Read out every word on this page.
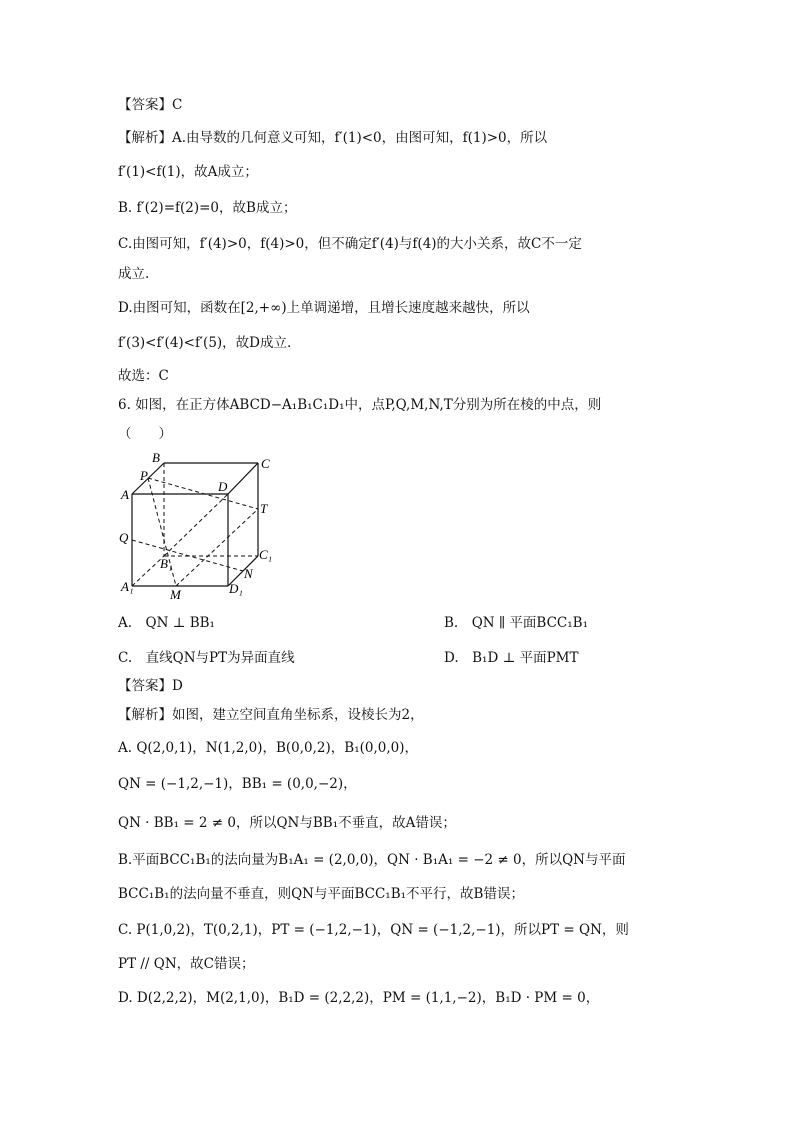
【答案】C
【解析】A.由导数的几何意义可知，f′(1)<0，由图可知，f(1)>0，所以
f′(1)<f(1)，故A成立；
B. f′(2)=f(2)=0，故B成立；
C.由图可知，f′(4)>0，f(4)>0，但不确定f′(4)与f(4)的大小关系，故C不一定
成立.
D.由图可知，函数在[2,+∞)上单调递增，且增长速度越来越快，所以
f′(3)<f′(4)<f′(5)，故D成立.
故选：C
6. 如图，在正方体ABCD−A₁B₁C₁D₁中，点P,Q,M,N,T分别为所在棱的中点，则
（　　）
B	C
P
A
D
T
Q
C₁
B₁
N
A₁
M	D₁
A.　QN ⊥ BB₁	B.　QN ∥ 平面BCC₁B₁
C.　直线QN与PT为异面直线	D.　B₁D ⊥ 平面PMT
【答案】D
【解析】如图，建立空间直角坐标系，设棱长为2，
A. Q(2,0,1)，N(1,2,0)，B(0,0,2)，B₁(0,0,0)，
QN = (−1,2,−1)，BB₁ = (0,0,−2)，
QN · BB₁ = 2 ≠ 0，所以QN与BB₁不垂直，故A错误；
B.平面BCC₁B₁的法向量为B₁A₁ = (2,0,0)，QN · B₁A₁ = −2 ≠ 0，所以QN与平面
BCC₁B₁的法向量不垂直，则QN与平面BCC₁B₁不平行，故B错误；
C. P(1,0,2)，T(0,2,1)，PT = (−1,2,−1)，QN = (−1,2,−1)，所以PT = QN，则
PT // QN，故C错误；
D. D(2,2,2)，M(2,1,0)，B₁D = (2,2,2)，PM = (1,1,−2)，B₁D · PM = 0，
